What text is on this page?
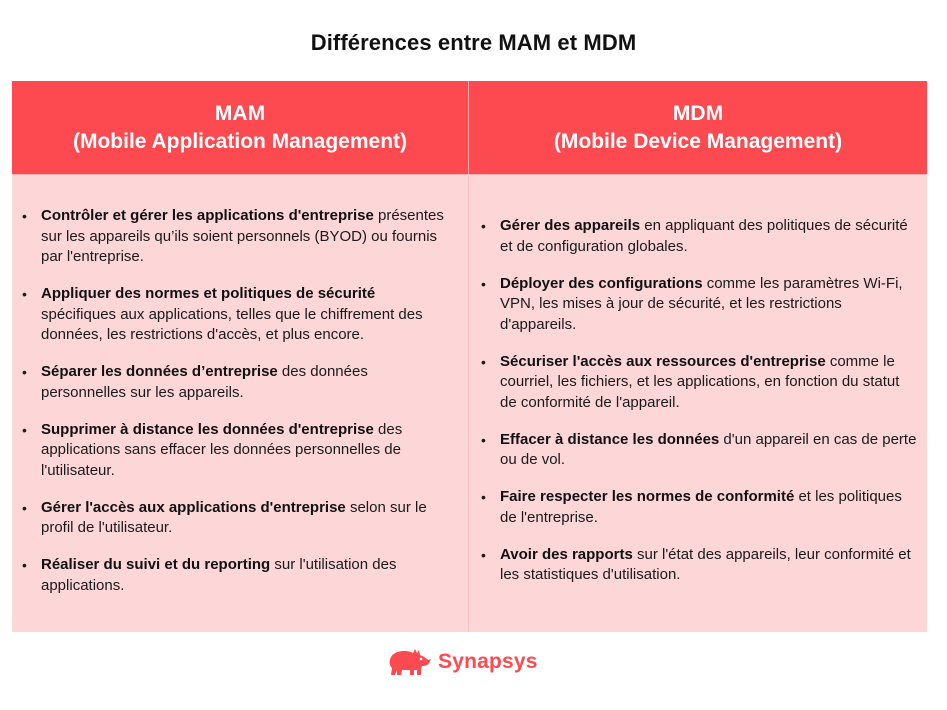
Différences entre MAM et MDM
MAM
(Mobile Application Management)
MDM
(Mobile Device Management)
• Contrôler et gérer les applications d'entreprise présentes sur les appareils qu’ils soient personnels (BYOD) ou fournis par l'entreprise.
• Appliquer des normes et politiques de sécurité spécifiques aux applications, telles que le chiffrement des données, les restrictions d'accès, et plus encore.
• Séparer les données d’entreprise des données personnelles sur les appareils.
• Supprimer à distance les données d'entreprise des applications sans effacer les données personnelles de l'utilisateur.
• Gérer l'accès aux applications d'entreprise selon sur le profil de l'utilisateur.
• Réaliser du suivi et du reporting sur l'utilisation des applications.
• Gérer des appareils en appliquant des politiques de sécurité et de configuration globales.
• Déployer des configurations comme les paramètres Wi-Fi, VPN, les mises à jour de sécurité, et les restrictions d'appareils.
• Sécuriser l'accès aux ressources d'entreprise comme le courriel, les fichiers, et les applications, en fonction du statut de conformité de l'appareil.
• Effacer à distance les données d'un appareil en cas de perte ou de vol.
• Faire respecter les normes de conformité et les politiques de l'entreprise.
• Avoir des rapports sur l'état des appareils, leur conformité et les statistiques d'utilisation.
Synapsys
